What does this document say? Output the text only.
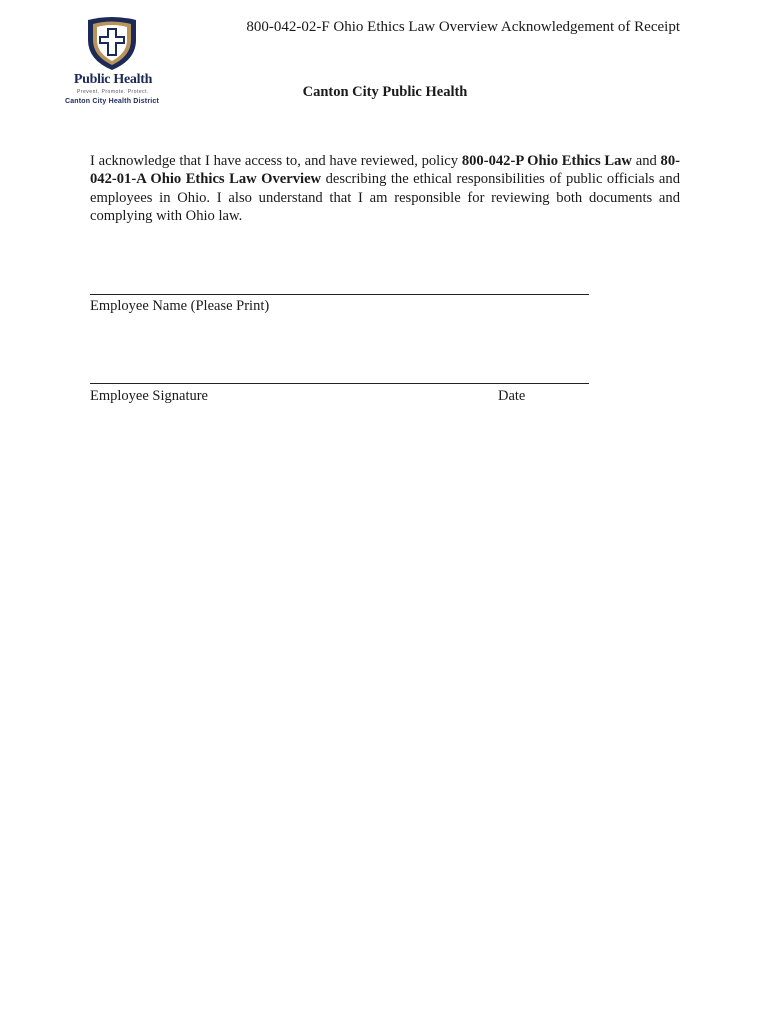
Public Health
Prevent. Promote. Protect.
Canton City Health District
800-042-02-F Ohio Ethics Law Overview Acknowledgement of Receipt
Canton City Public Health
I acknowledge that I have access to, and have reviewed, policy 800-042-P Ohio Ethics Law and 80-042-01-A Ohio Ethics Law Overview describing the ethical responsibilities of public officials and employees in Ohio. I also understand that I am responsible for reviewing both documents and complying with Ohio law.
Employee Name (Please Print)
Employee Signature	Date
